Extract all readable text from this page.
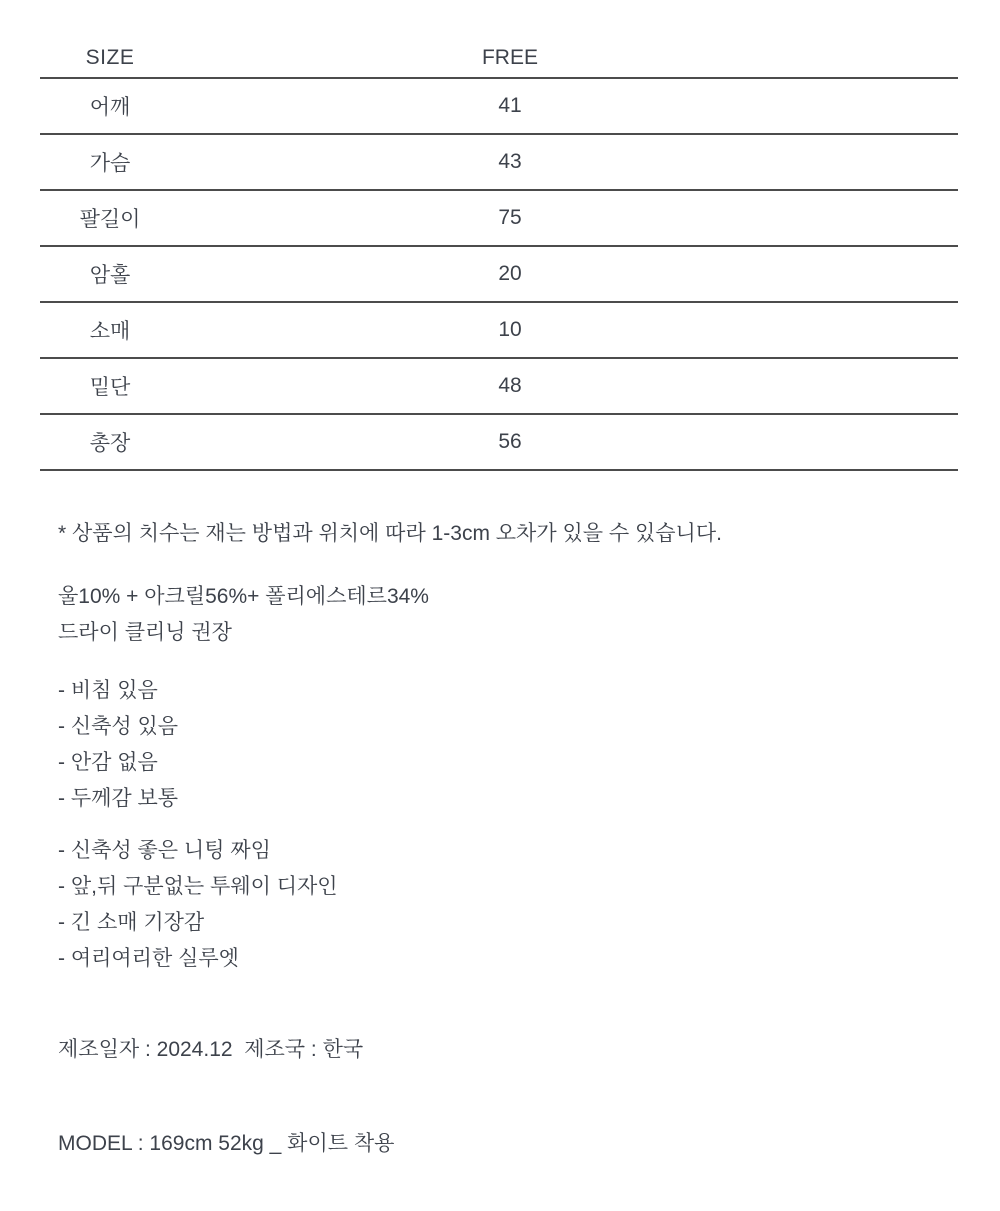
SIZE	FREE	
어깨	41	
가슴	43	
팔길이	75	
암홀	20	
소매	10	
밑단	48	
총장	56	
* 상품의 치수는 재는 방법과 위치에 따라 1-3cm 오차가 있을 수 있습니다.
울10% + 아크릴56%+ 폴리에스테르34%
드라이 클리닝 권장
- 비침 있음
- 신축성 있음
- 안감 없음
- 두께감 보통
- 신축성 좋은 니팅 짜임
- 앞,뒤 구분없는 투웨이 디자인
- 긴 소매 기장감
- 여리여리한 실루엣
제조일자 : 2024.12  제조국 : 한국
MODEL : 169cm 52kg _ 화이트 착용
